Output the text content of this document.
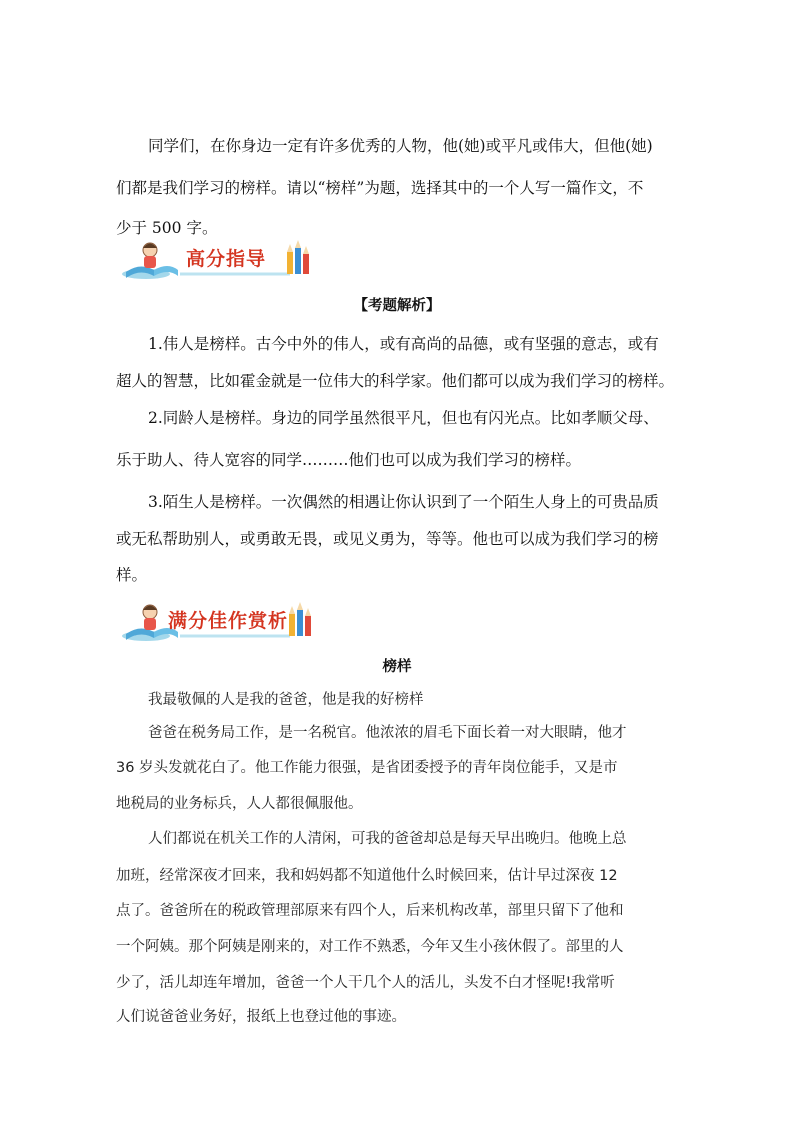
同学们，在你身边一定有许多优秀的人物，他(她)或平凡或伟大，但他(她)

们都是我们学习的榜样。请以“榜样”为题，选择其中的一个人写一篇作文，不

少于 500 字。

高分指导
【考题解析】

1.伟人是榜样。古今中外的伟人，或有高尚的品德，或有坚强的意志，或有

超人的智慧，比如霍金就是一位伟大的科学家。他们都可以成为我们学习的榜样。

2.同龄人是榜样。身边的同学虽然很平凡，但也有闪光点。比如孝顺父母、

乐于助人、待人宽容的同学………他们也可以成为我们学习的榜样。

3.陌生人是榜样。一次偶然的相遇让你认识到了一个陌生人身上的可贵品质

或无私帮助别人，或勇敢无畏，或见义勇为，等等。他也可以成为我们学习的榜

样。

满分佳作赏析
榜样
我最敬佩的人是我的爸爸，他是我的好榜样
爸爸在税务局工作，是一名税官。他浓浓的眉毛下面长着一对大眼睛，他才
36 岁头发就花白了。他工作能力很强，是省团委授予的青年岗位能手，又是市
地税局的业务标兵，人人都很佩服他。
人们都说在机关工作的人清闲，可我的爸爸却总是每天早出晚归。他晚上总
加班，经常深夜才回来，我和妈妈都不知道他什么时候回来，估计早过深夜 12
点了。爸爸所在的税政管理部原来有四个人，后来机构改革，部里只留下了他和
一个阿姨。那个阿姨是刚来的，对工作不熟悉，今年又生小孩休假了。部里的人
少了，活儿却连年增加，爸爸一个人干几个人的活儿，头发不白才怪呢!我常听
人们说爸爸业务好，报纸上也登过他的事迹。
